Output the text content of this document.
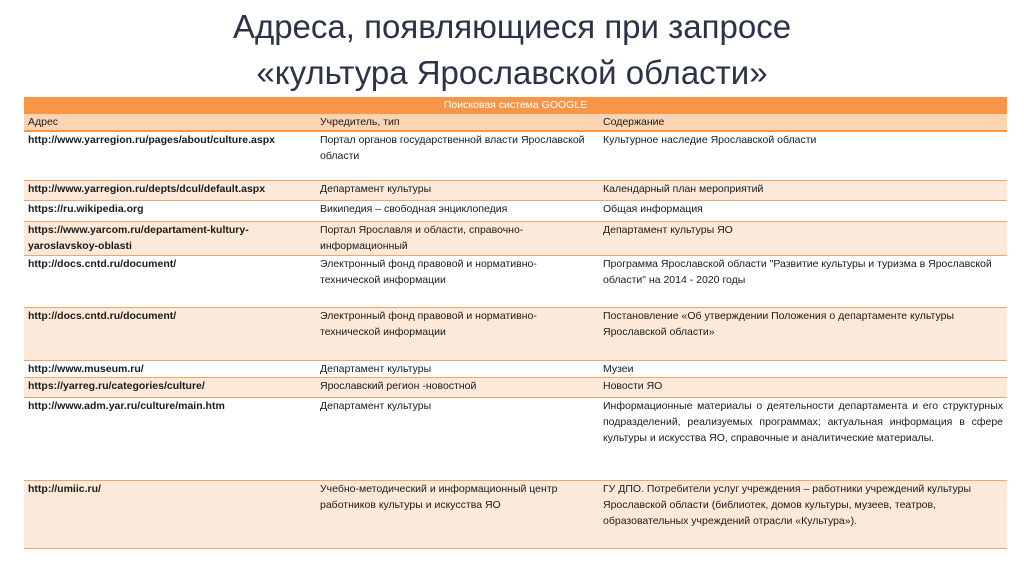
Адреса, появляющиеся при запросе
«культура Ярославской области»
Поисковая система GOOGLE		
Адрес	Учредитель, тип	Содержание
http://www.yarregion.ru/pages/about/culture.aspx	Портал органов государственной власти Ярославской области	Культурное наследие Ярославской области
http://www.yarregion.ru/depts/dcul/default.aspx	Департамент культуры	Календарный план мероприятий
https://ru.wikipedia.org	Википедия – свободная энциклопедия	Общая информация
https://www.yarcom.ru/departament-kultury-yaroslavskoy-oblasti	Портал Ярославля и области, справочно-информационный	Департамент культуры ЯО
http://docs.cntd.ru/document/	Электронный фонд правовой и нормативно-технической информации	Программа Ярославской области "Развитие культуры и туризма в Ярославской области" на 2014 - 2020 годы
http://docs.cntd.ru/document/	Электронный фонд правовой и нормативно-технической информации	Постановление «Об утверждении Положения о департаменте культуры Ярославской области»
http://www.museum.ru/	Департамент культуры	Музеи
https://yarreg.ru/categories/culture/	Ярославский регион -новостной	Новости ЯО
http://www.adm.yar.ru/culture/main.htm	Департамент культуры	Информационные материалы о деятельности департамента и его структурных подразделений, реализуемых программах; актуальная информация в сфере культуры и искусства ЯО, справочные и аналитические материалы.
http://umiic.ru/	Учебно-методический и информационный центр работников культуры и искусства ЯО	ГУ ДПО. Потребители услуг учреждения – работники учреждений культуры Ярославской области (библиотек, домов культуры, музеев, театров, образовательных учреждений отрасли «Культура»).
